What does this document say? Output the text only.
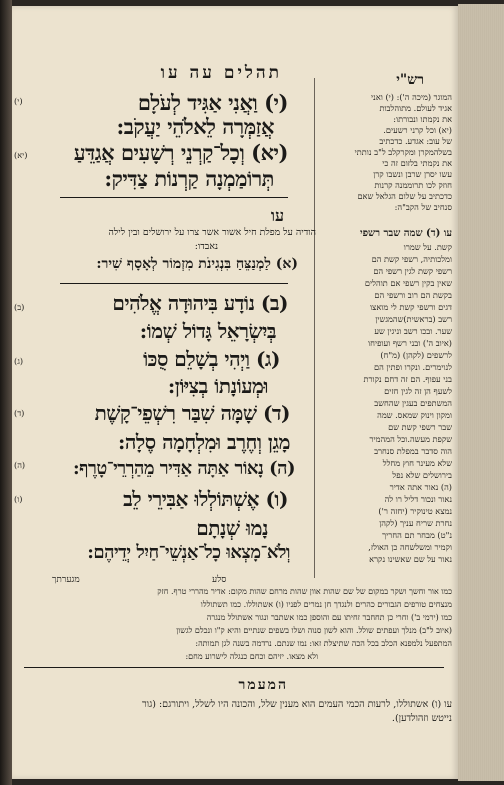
תהלים עה עו	רש"י
(י)
(יא)
(י) וַאֲנִי אַגִּיד לְעֹלָם
אֲזַמְּרָה לֵאלֹהֵי יַעֲקֹב:
(יא) וְכָל־קַרְנֵי רְשָׁעִים אֲגַדֵּעַ
תְּרוֹמַמְנָה קַרְנוֹת צַדִּיק:
המוגר (מיכה ה'): (י) ואני
אגיד לעולם. מתוהלבות
את נקמתו ונבורתו:
(יא) וכל קרני רשעים.
של עוב: אגדע. כדכתיב
בשלהמקרן ומקרקלב ל"ב נותתי
את נקמתי בלזום זה כי
עשו יסרן שרבן ונשבו קרן
חוזק לכו תרוממנה קרנות
כדכתיב על שלום הגלאל שאם
סנחיב של הקב"ה:
עו
הודיה על מפלת חיל אשור אשר צרו על ירושלים ובין לילה
נאבדו:
(א) לַמְנַצֵּחַ בִּנְגִינֹת מִזְמוֹר לְאָסָף שִׁיר:
(ב)
(ג)
(ד)
(ה)
(ו)
(ב) נוֹדָע בִּיהוּדָה אֱלֹהִים
בְּיִשְׂרָאֵל גָּדוֹל שְׁמוֹ:
(ג) וַיְהִי בְשָׁלֵם סֻכּוֹ
וּמְעוֹנָתוֹ בְצִיּוֹן:
(ד) שָׁמָּה שִׁבַּר רִשְׁפֵי־קָשֶׁת
מָגֵן וְחֶרֶב וּמִלְחָמָה סֶלָה:
(ה) נָאוֹר אַתָּה אַדִּיר מֵהַרְרֵי־טָרֶף:
(ו) אֶשְׁתּוֹלְלוּ אַבִּירֵי לֵב
נָמוּ שְׁנָתָם
וְלֹא־מָצְאוּ כָל־אַנְשֵׁי־חַיִל יְדֵיהֶם:
מגערתך	סלע
עו (ד) שמה שבר רשפי
קשת. על שמרו
ומלכותיה, רשפי קשת הם
רשפי קשת לגין רשפי הם
שאין בקין רשפי אם תוהלים
בקשת הם רוב ורשפי הם
דגים ורשפי קשת לי מואצו
רשב (בראשית)שהמגשין
שער. ובכו רשב וניגין שע
(איוב ה') ובני רשף ועופיחו
לרשפים (לקהן) (מ"ח)
לנוימרים. ונקרו ופתין הם
בני עפוף. הם זה דחם נקורת
לשעף הן זה לגין חזים
המשתפים בעגין שהחשב
ומקון וינוק שמאס. שמה
שבר רשפי קשת שם
שקפת מעשה.וכל המהמיר
הוה סדבר במפלת סנחרב
שלא מעינר חוץ מחלל
בירושלים שלא נפל
(ה) נאור אתה אדיר
נאור ונכור דליל רו לה
נמצא טינוקיר (יחזה ר')
נחרת שריח עניך (לקהן
נ"ט) מבחר תם החריך
וקמיר ומשלשחה כן האולז,
נאור על שם שאשינו נקרא
כמו אור וחשך ושקר במקום של שם שהות אוון שהות מרחם שהות מקום: אדיר מהררי טרף. חזק
מנצחים טורפים הגבורים כהרים ולנגדך חן נמרים לפניו (ו) אשתוללו. כמו תשתוללו
כמו (ירמי ב') וחרי כן תחחבר זחיתו עם והוספן כמו אשתבר ונגור אשתולל מנגרה
(איוב ל"ב) מנלך ועפתים שולל. והוא לשון סנוה ושלו בשפים שנתיים והיא ק"ו ונכלם לגשון
המתפעל נלמפנא הכלב בכל הכה שתיצלת זאו: נמו שנתם. נרדמה בשנה לגן תמותה:
ולא מצאו. יזיהם וכחם כנגלה לישרוע מחם:
המעמר
עו (ו) אשתוללו, לרעות הכמי העמים הוא מענין שלל, והכונה היו לשלל, ויתורגם: (גור
נייטש וזהולדען).
